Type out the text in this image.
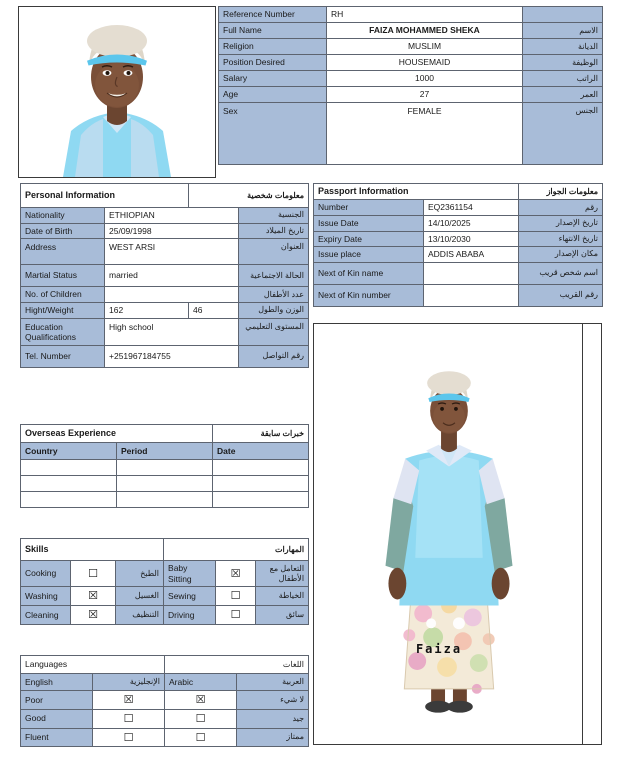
Reference Number	RH	
Full Name	FAIZA MOHAMMED SHEKA	الاسم
Religion	MUSLIM	الديانة
Position Desired	HOUSEMAID	الوظيفة
Salary	1000	الراتب
Age	27	العمر
Sex	FEMALE	الجنس
Personal Information		معلومات شخصية	
Nationality	ETHIOPIAN		الجنسية
Date of Birth	25/09/1998		تاريخ الميلاد
Address	WEST ARSI		العنوان
Martial Status	married		الحالة الاجتماعية
No. of Children			عدد الأطفال
Hight/Weight	162	46	الوزن والطول
Education Qualifications	High school		المستوى التعليمي
Tel. Number	+251967184755		رقم التواصل
Passport Information		معلومات الجواز
Number	EQ2361154	رقم
Issue Date	14/10/2025	تاريخ الإصدار
Expiry Date	13/10/2030	تاريخ الانتهاء
Issue place	ADDIS ABABA	مكان الإصدار
Next of Kin name		اسم شخص قريب
Next of Kin number		رقم القريب
Overseas Experience		خبرات سابقة
Country	Period	Date

Skills			المهارات		
Cooking	☐	الطبخ	Baby Sitting	☒	التعامل مع الأطفال
Washing	☒	الغسيل	Sewing	☐	الخياطة
Cleaning	☒	التنظيف	Driving	☐	سائق
Languages		اللغات	
English	الإنجليزية	Arabic	العربية
Poor	☒	☒	لا شيء
Good	☐	☐	جيد
Fluent	☐	☐	ممتاز
Faiza
